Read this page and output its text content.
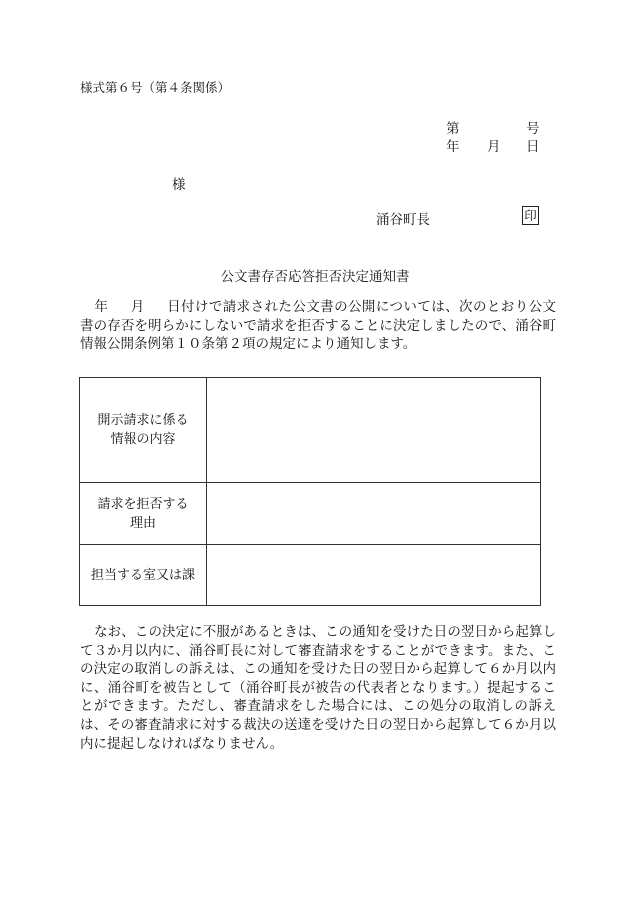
様式第６号（第４条関係）
第	号
年 月 日
様
涌谷町長	印
公文書存否応答拒否決定通知書
年 月 日付けで請求された公文書の公開については、次のとおり公文書の存否を明らかにしないで請求を拒否することに決定しましたので、涌谷町情報公開条例第１０条第２項の規定により通知します。
開示請求に係る
情報の内容	

請求を拒否する
理由	

担当する室又は課	

なお、この決定に不服があるときは、この通知を受けた日の翌日から起算して３か月以内に、涌谷町長に対して審査請求をすることができます。また、この決定の取消しの訴えは、この通知を受けた日の翌日から起算して６か月以内に、涌谷町を被告として（涌谷町長が被告の代表者となります。）提起することができます。ただし、審査請求をした場合には、この処分の取消しの訴えは、その審査請求に対する裁決の送達を受けた日の翌日から起算して６か月以内に提起しなければなりません。
